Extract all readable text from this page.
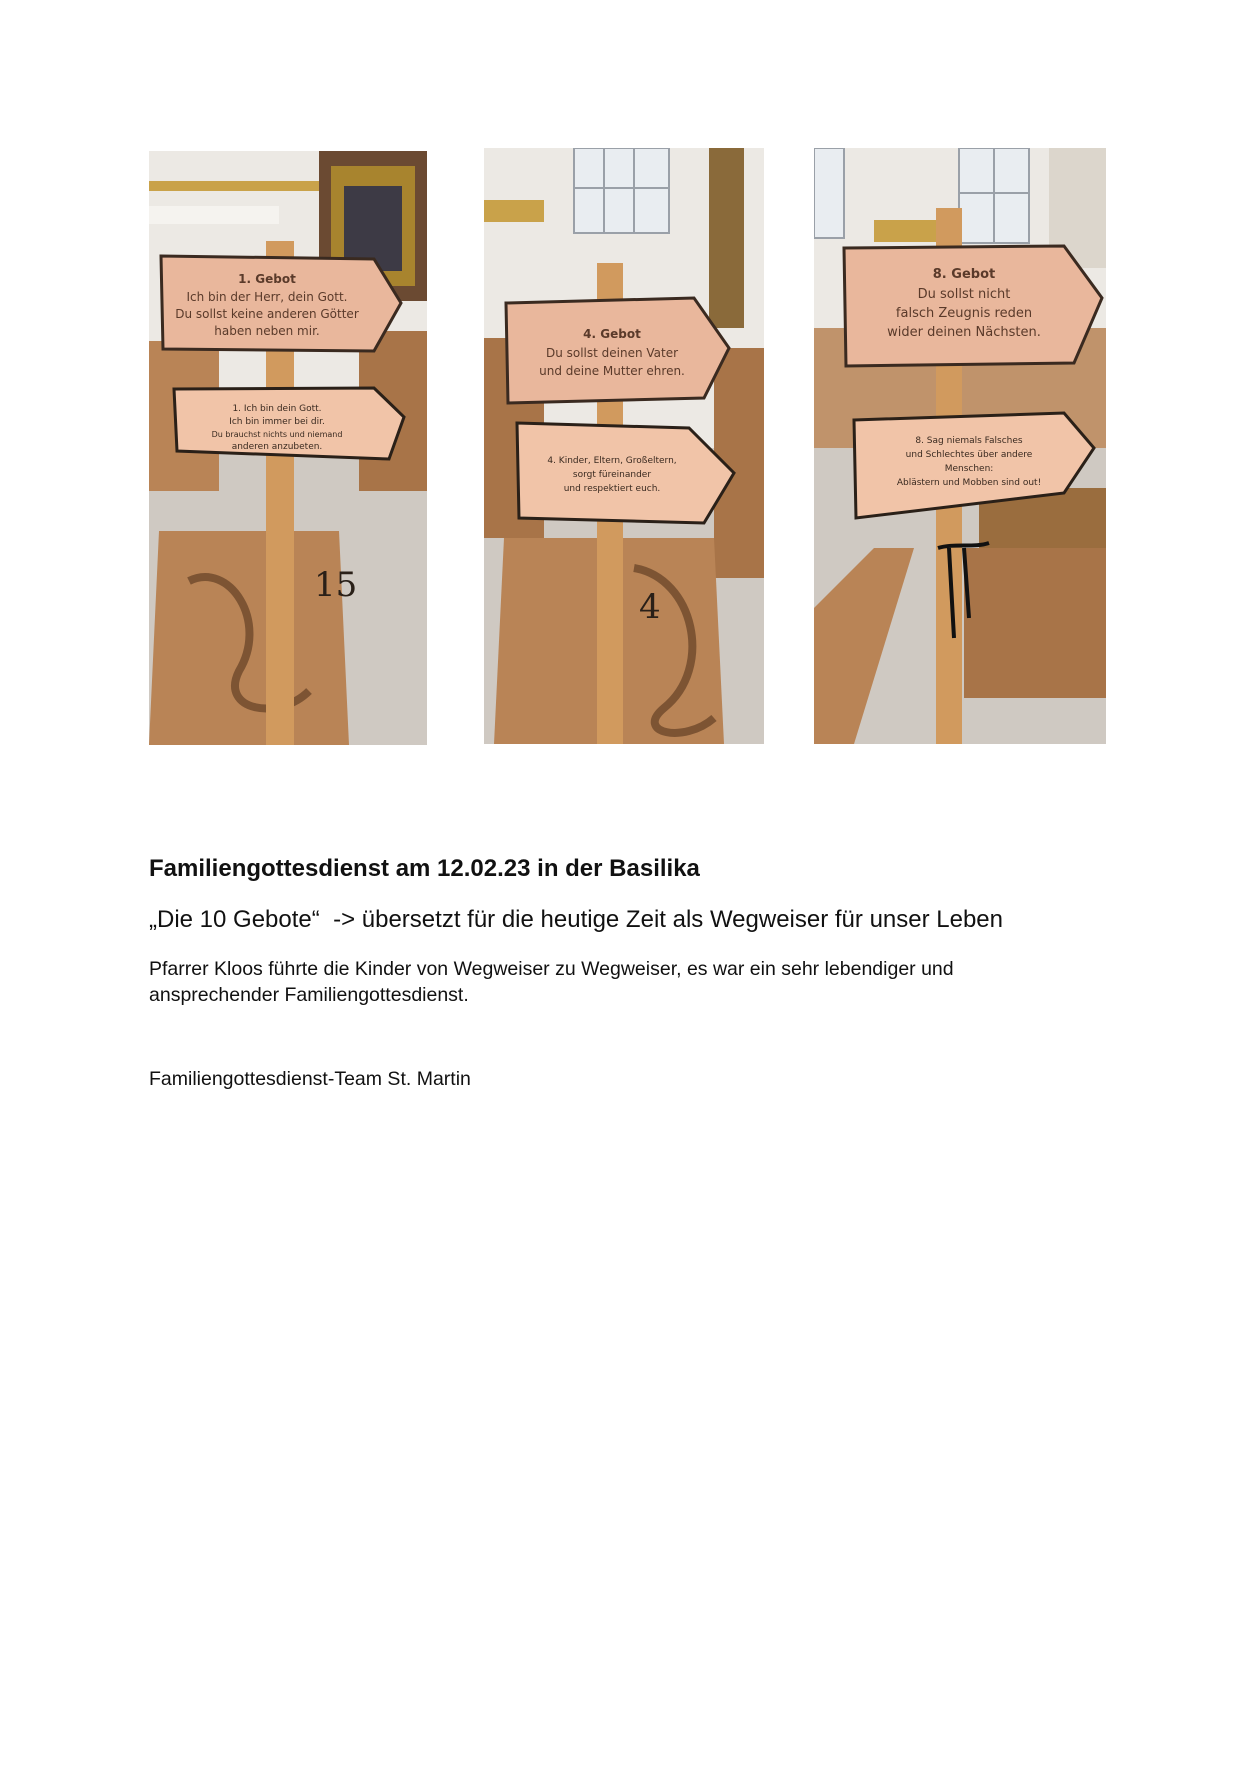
15
1. Gebot
Ich bin der Herr, dein Gott.
Du sollst keine anderen Götter
haben neben mir.
1. Ich bin dein Gott.
Ich bin immer bei dir.
Du brauchst nichts und niemand
anderen anzubeten.
4
4. Gebot
Du sollst deinen Vater
und deine Mutter ehren.
4. Kinder, Eltern, Großeltern,
sorgt füreinander
und respektiert euch.
8. Gebot
Du sollst nicht
falsch Zeugnis reden
wider deinen Nächsten.
8. Sag niemals Falsches
und Schlechtes über andere
Menschen:
Ablästern und Mobben sind out!
Familiengottesdienst am 12.02.23 in der Basilika

„Die 10 Gebote“  -> übersetzt für die heutige Zeit als Wegweiser für unser Leben

Pfarrer Kloos führte die Kinder von Wegweiser zu Wegweiser, es war ein sehr lebendiger und ansprechender Familiengottesdienst.

Familiengottesdienst-Team St. Martin
